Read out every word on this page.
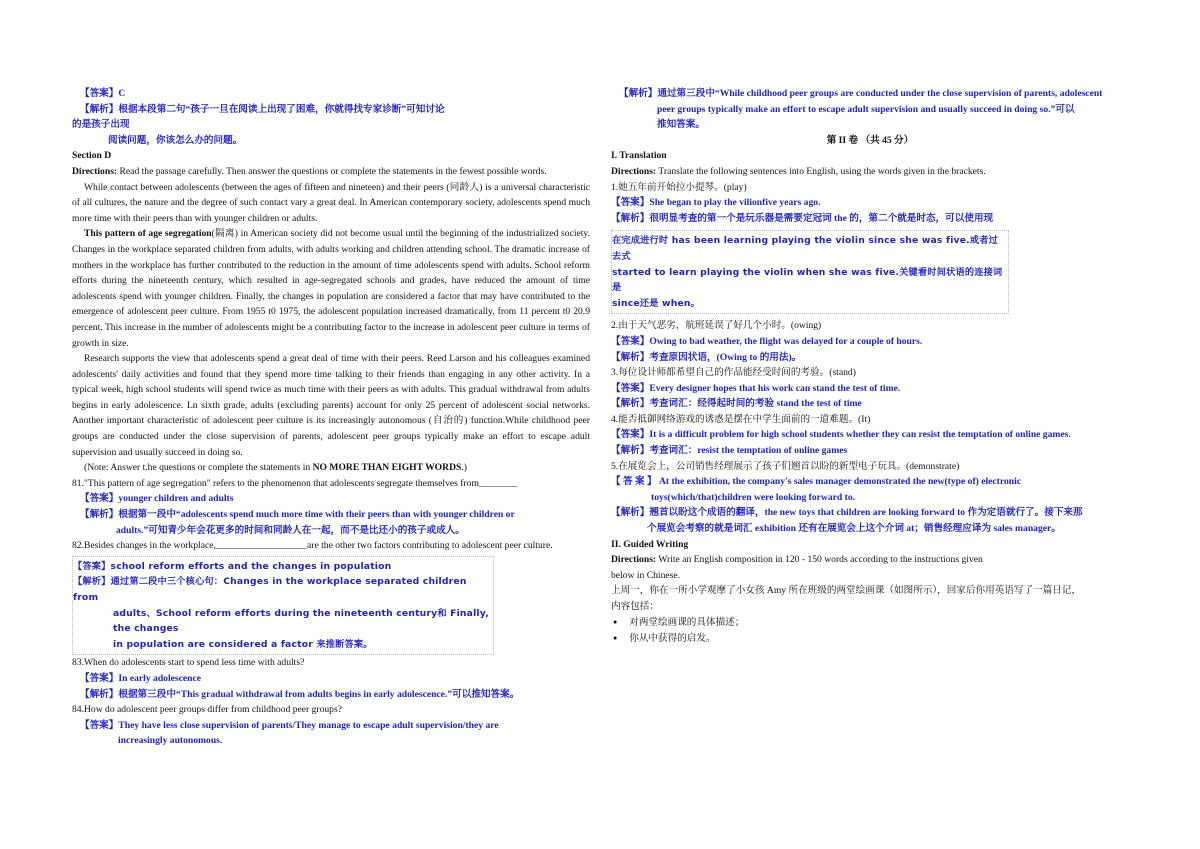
【答案】C

【解析】根据本段第二句“孩子一旦在阅读上出现了困难，你就得找专家诊断”可知讨论

的是孩子出现

阅读问题，你该怎么办的问题。

Section D

Directions: Read the passage carefully. Then answer the questions or complete the statements in the fewest possible words.

While contact between adolescents (between the ages of fifteen and nineteen) and their peers (同龄人) is a universal characteristic of all cultures, the nature and the degree of such contact vary a great deal. In American contemporary society, adolescents spend much more time with their peers than with younger children or adults.

This pattern of age segregation(隔离) in American society did not become usual until the beginning of the industrialized society. Changes in the workplace separated children from adults, with adults working and children attending school. The dramatic increase of mothers in the workplace has further contributed to the reduction in the amount of time adolescents spend with adults. School reform efforts during the nineteenth century, which resulted in age-segregated schools and grades, have reduced the amount of time adolescents spend with younger children. Finally, the changes in population are considered a factor that may have contributed to the emergence of adolescent peer culture. From 1955 t0 1975, the adolescent population increased dramatically, from 11 percent t0 20.9 percent. This increase in the number of adolescents might be a contributing factor to the increase in adolescent peer culture in terms of growth in size.

Research supports the view that adolescents spend a great deal of time with their peers. Reed Larson and his colleagues examined adolescents' daily activities and found that they spend more time talking to their friends than engaging in any other activity. In a typical week, high school students will spend twice as much time with their peers as with adults. This gradual withdrawal from adults begins in early adolescence. Ln sixth grade, adults (excluding parents) account for only 25 percent of adolescent social networks. Another important characteristic of adolescent peer culture is its increasingly autonomous (自治的) function.While childhood peer groups are conducted under the close supervision of parents, adolescent peer groups typically make an effort to escape adult supervision and usually succeed in doing so.

(Note: Answer t.he questions or complete the statements in NO MORE THAN EIGHT WORDS.)

81."This pattern of age segregation" refers to the phenomenon that adolescents segregate themselves from________

【答案】younger children and adults

【解析】根据第一段中“adolescents spend much more time with their peers than with younger children or

adults.”可知青少年会花更多的时间和同龄人在一起，而不是比还小的孩子或成人。

82.Besides changes in the workplace,___________________are the other two factors contributing to adolescent peer culture.

【答案】school reform efforts and the changes in population

【解析】通过第二段中三个核心句：Changes in the workplace separated children from

adults、School reform efforts during the nineteenth century和 Finally, the changes

in population are considered a factor 来推断答案。

83.When do adolescents start to spend less time with adults?

【答案】In early adolescence

【解析】根据第三段中“This gradual withdrawal from adults begins in early adolescence.”可以推知答案。

84.How do adolescent peer groups differ from childhood peer groups?

【答案】They have less close supervision of parents/They manage to escape adult supervision/they are

increasingly autonomous.

【解析】通过第三段中“While childhood peer groups are conducted under the close supervision of parents, adolescent

peer groups typically make an effort to escape adult supervision and usually succeed in doing so.”可以

推知答案。

第 II 卷 （共 45 分）

I. Translation

Directions: Translate the following sentences into English, using the words given in the brackets.

1.她五年前开始拉小提琴。(play)

【答案】She began to play the vilionfive years ago.

【解析】很明显考查的第一个是玩乐器是需要定冠词 the 的，第二个就是时态，可以使用现

在完成进行时 has been learning playing the violin since she was five.或者过去式

started to learn playing the violin when she was five.关键看时间状语的连接词是

since还是 when。

2.由于天气恶劣，航班延误了好几个小时。(owing)

【答案】Owing to bad weather, the flight was delayed for a couple of hours.

【解析】考查原因状语，(Owing to 的用法)。

3.每位设计师都希望自己的作品能经受时间的考验。(stand)

【答案】Every designer hopes that his work can stand the test of time.

【解析】考查词汇：经得起时间的考验 stand the test of time

4.能否抵御网络游戏的诱惑是摆在中学生面前的一道难题。(It)

【答案】It is a difficult problem for high school students whether they can resist the temptation of online games.

【解析】考查词汇：resist the temptation of online games

5.在展览会上，公司销售经理展示了孩子们翘首以盼的新型电子玩具。(demonstrate)

【 答 案 】 At the exhibition, the company's sales manager demonstrated the new(type of) electronic

toys(which/that)children were looking forward to.

【解析】翘首以盼这个成语的翻译，the new toys that children are looking forward to 作为定语就行了。接下来那

个展览会考察的就是词汇 exhibition 还有在展览会上这个介词 at；销售经理应译为 sales manager。

II. Guided Writing

Directions: Write an English composition in 120 - 150 words according to the instructions given

below in Chinese.

上周一，你在一所小学观摩了小女孩 Amy 所在班级的两堂绘画课（如图所示），回家后你用英语写了一篇日记，

内容包括：

● 对两堂绘画课的具体描述；

● 你从中获得的启发。
